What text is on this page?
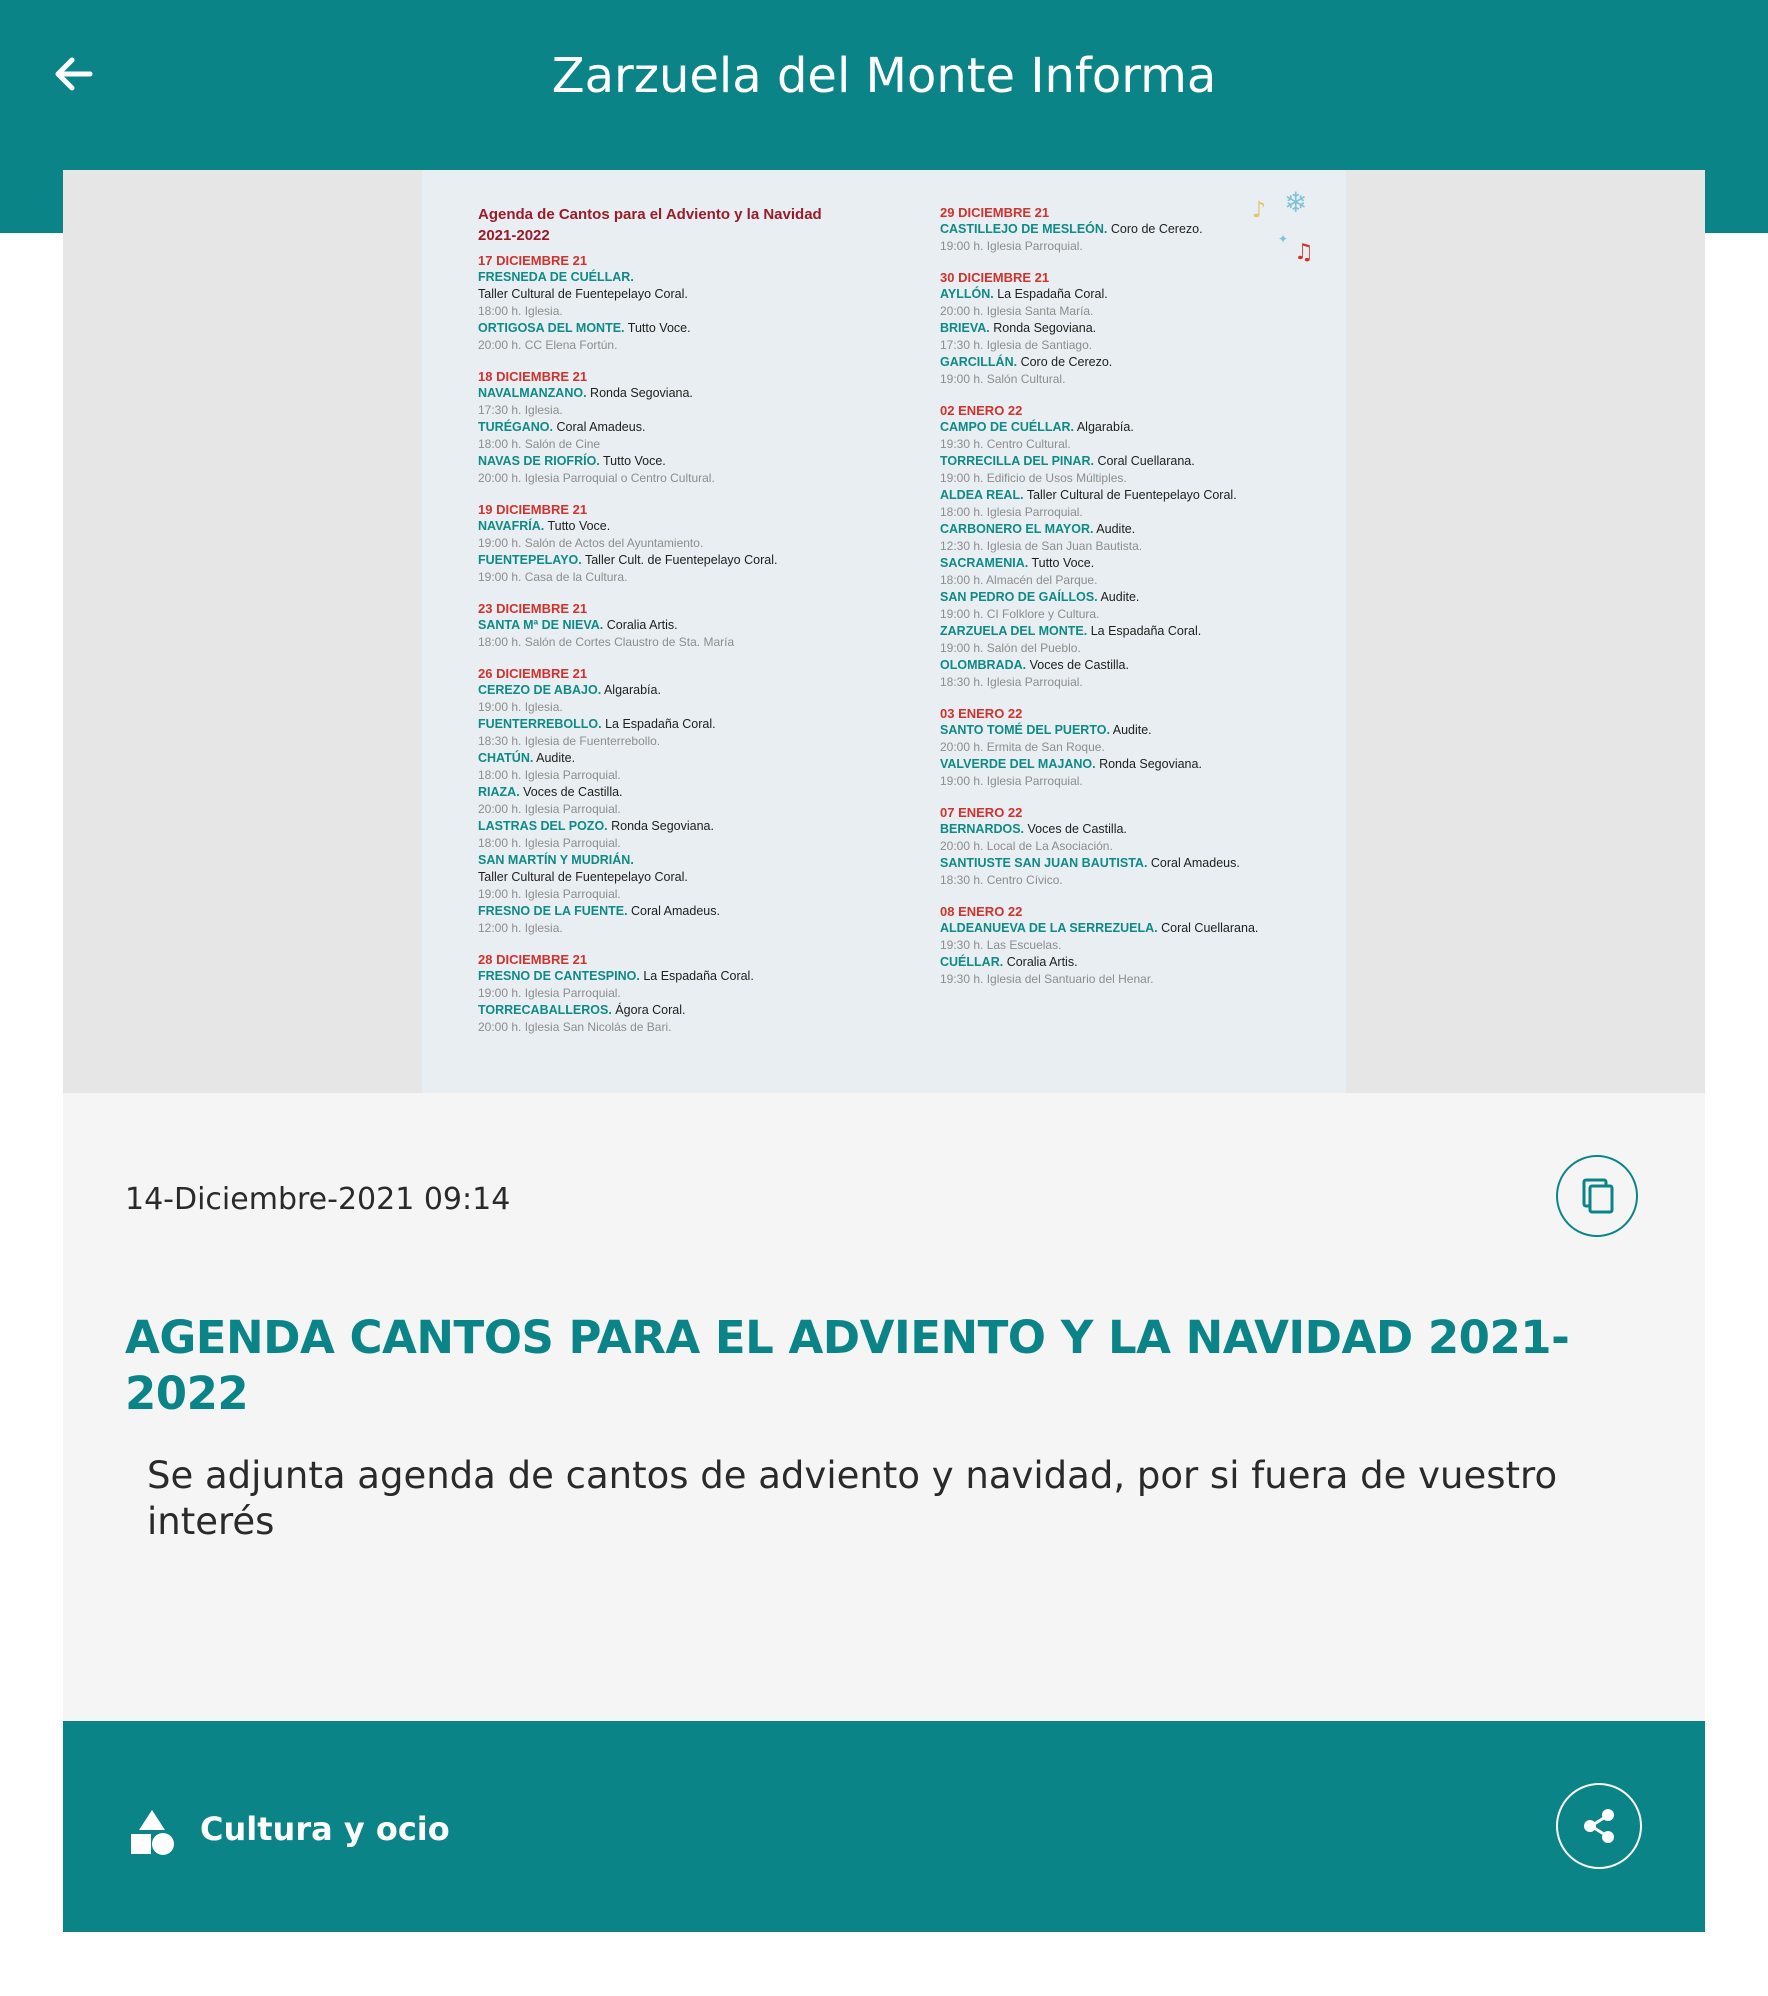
Zarzuela del Monte Informa
Agenda de Cantos para el Adviento y la Navidad
2021-2022
17 DICIEMBRE 21
FRESNEDA DE CUÉLLAR.
Taller Cultural de Fuentepelayo Coral.
18:00 h. Iglesia.
ORTIGOSA DEL MONTE. Tutto Voce.
20:00 h. CC Elena Fortún.
18 DICIEMBRE 21
NAVALMANZANO. Ronda Segoviana.
17:30 h. Iglesia.
TURÉGANO. Coral Amadeus.
18:00 h. Salón de Cine
NAVAS DE RIOFRÍO. Tutto Voce.
20:00 h. Iglesia Parroquial o Centro Cultural.
19 DICIEMBRE 21
NAVAFRÍA. Tutto Voce.
19:00 h. Salón de Actos del Ayuntamiento.
FUENTEPELAYO. Taller Cult. de Fuentepelayo Coral.
19:00 h. Casa de la Cultura.
23 DICIEMBRE 21
SANTA Mª DE NIEVA. Coralia Artis.
18:00 h. Salón de Cortes Claustro de Sta. María
26 DICIEMBRE 21
CEREZO DE ABAJO. Algarabía.
19:00 h. Iglesia.
FUENTERREBOLLO. La Espadaña Coral.
18:30 h. Iglesia de Fuenterrebollo.
CHATÚN. Audite.
18:00 h. Iglesia Parroquial.
RIAZA. Voces de Castilla.
20:00 h. Iglesia Parroquial.
LASTRAS DEL POZO. Ronda Segoviana.
18:00 h. Iglesia Parroquial.
SAN MARTÍN Y MUDRIÁN.
Taller Cultural de Fuentepelayo Coral.
19:00 h. Iglesia Parroquial.
FRESNO DE LA FUENTE. Coral Amadeus.
12:00 h. Iglesia.
28 DICIEMBRE 21
FRESNO DE CANTESPINO. La Espadaña Coral.
19:00 h. Iglesia Parroquial.
TORRECABALLEROS. Ágora Coral.
20:00 h. Iglesia San Nicolás de Bari.
29 DICIEMBRE 21
CASTILLEJO DE MESLEÓN. Coro de Cerezo.
19:00 h. Iglesia Parroquial.
30 DICIEMBRE 21
AYLLÓN. La Espadaña Coral.
20:00 h. Iglesia Santa María.
BRIEVA. Ronda Segoviana.
17:30 h. Iglesia de Santiago.
GARCILLÁN. Coro de Cerezo.
19:00 h. Salón Cultural.
02 ENERO 22
CAMPO DE CUÉLLAR. Algarabía.
19:30 h. Centro Cultural.
TORRECILLA DEL PINAR. Coral Cuellarana.
19:00 h. Edificio de Usos Múltiples.
ALDEA REAL. Taller Cultural de Fuentepelayo Coral.
18:00 h. Iglesia Parroquial.
CARBONERO EL MAYOR. Audite.
12:30 h. Iglesia de San Juan Bautista.
SACRAMENIA. Tutto Voce.
18:00 h. Almacén del Parque.
SAN PEDRO DE GAÍLLOS. Audite.
19:00 h. CI Folklore y Cultura.
ZARZUELA DEL MONTE. La Espadaña Coral.
19:00 h. Salón del Pueblo.
OLOMBRADA. Voces de Castilla.
18:30 h. Iglesia Parroquial.
03 ENERO 22
SANTO TOMÉ DEL PUERTO. Audite.
20:00 h. Ermita de San Roque.
VALVERDE DEL MAJANO. Ronda Segoviana.
19:00 h. Iglesia Parroquial.
07 ENERO 22
BERNARDOS. Voces de Castilla.
20:00 h. Local de La Asociación.
SANTIUSTE SAN JUAN BAUTISTA. Coral Amadeus.
18:30 h. Centro Cívico.
08 ENERO 22
ALDEANUEVA DE LA SERREZUELA. Coral Cuellarana.
19:30 h. Las Escuelas.
CUÉLLAR. Coralia Artis.
19:30 h. Iglesia del Santuario del Henar.
♪ ❄
✦
♫
14-Diciembre-2021 09:14
AGENDA CANTOS PARA EL ADVIENTO Y LA NAVIDAD 2021-2022
Se adjunta agenda de cantos de adviento y navidad, por si fuera de vuestro interés
Cultura y ocio
